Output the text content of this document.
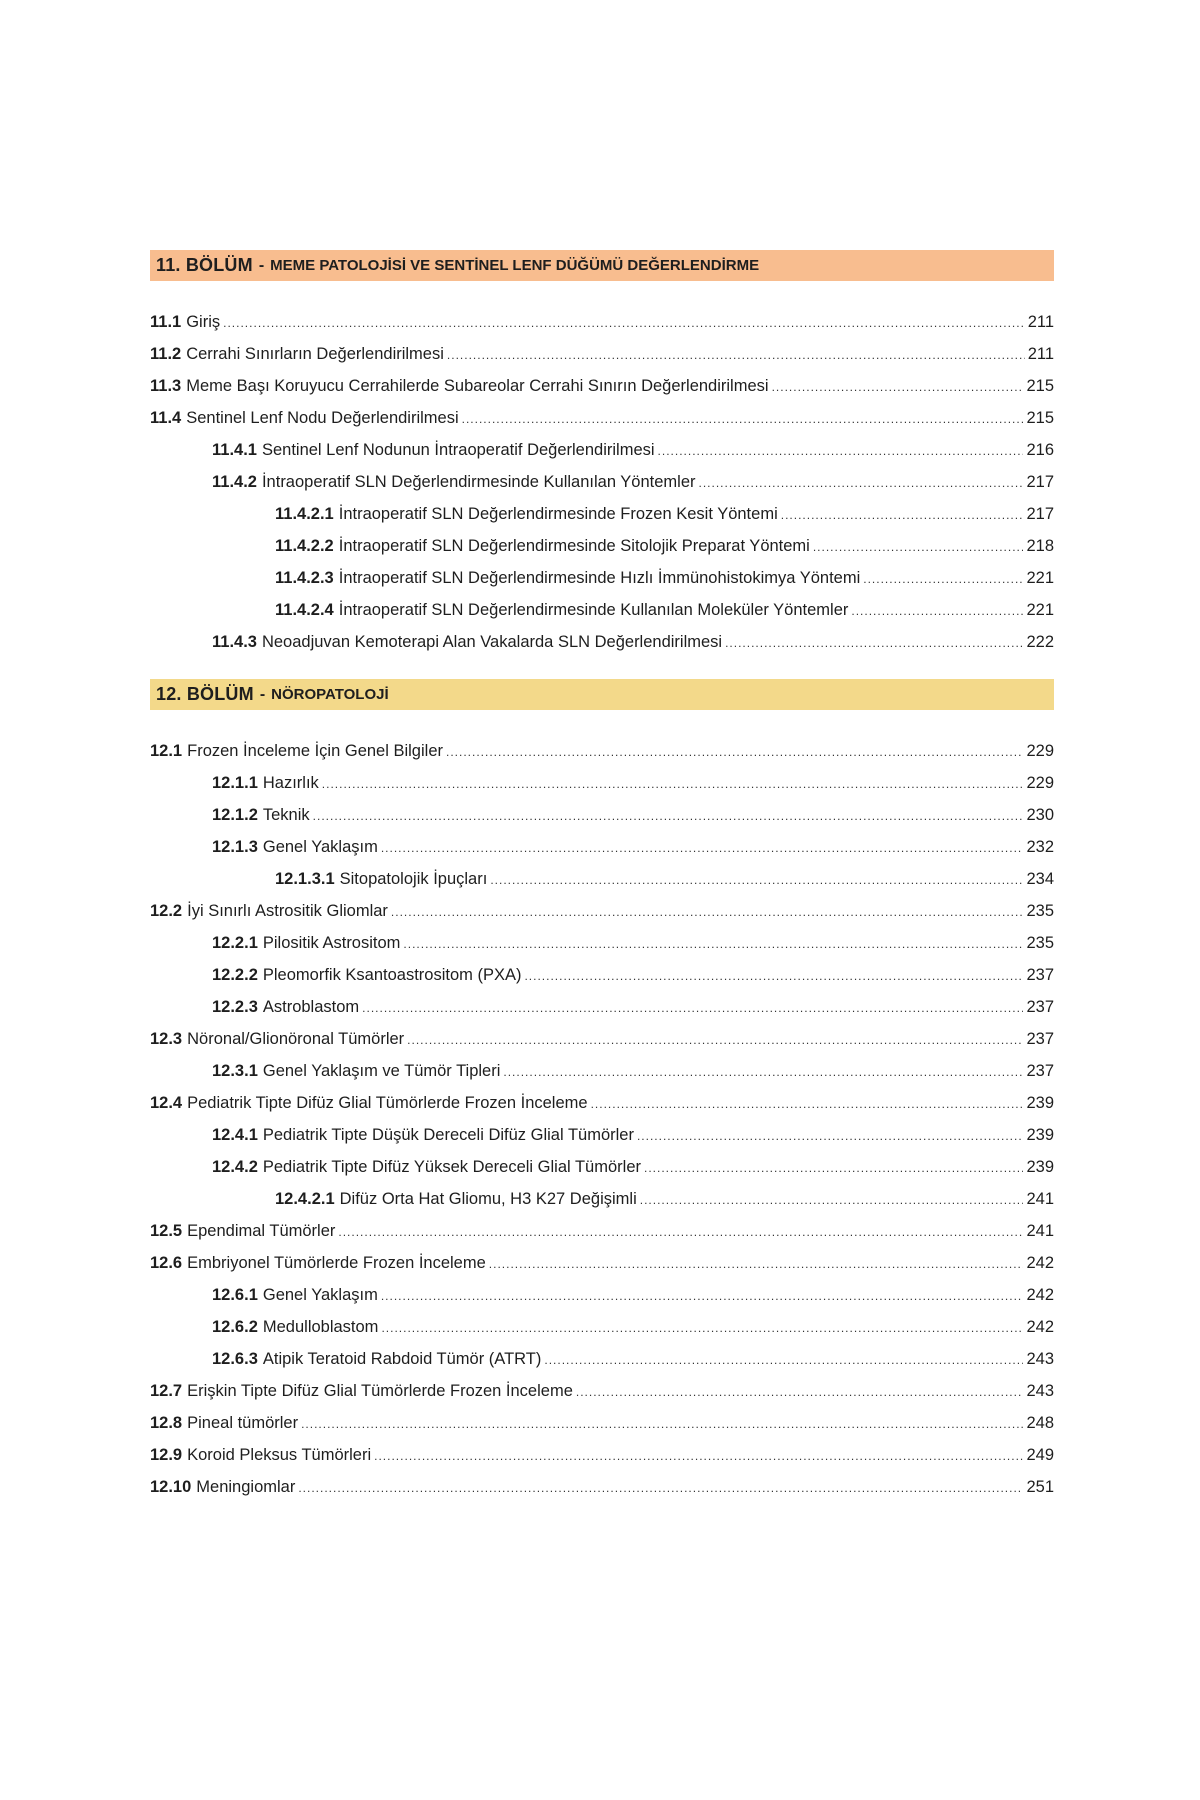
11. BÖLÜM - MEME PATOLOJİSİ VE SENTİNEL LENF DÜĞÜMÜ DEĞERLENDİRME
11.1 Giriş .....	211
11.2 Cerrahi Sınırların Değerlendirilmesi .....	211
11.3 Meme Başı Koruyucu Cerrahilerde Subareolar Cerrahi Sınırın Değerlendirilmesi .....	215
11.4 Sentinel Lenf Nodu Değerlendirilmesi .....	215
11.4.1 Sentinel Lenf Nodunun İntraoperatif Değerlendirilmesi .....	216
11.4.2 İntraoperatif SLN Değerlendirmesinde Kullanılan Yöntemler .....	217
11.4.2.1 İntraoperatif SLN Değerlendirmesinde Frozen Kesit Yöntemi .....	217
11.4.2.2 İntraoperatif SLN Değerlendirmesinde Sitolojik Preparat Yöntemi .....	218
11.4.2.3 İntraoperatif SLN Değerlendirmesinde Hızlı İmmünohistokimya Yöntemi .....	221
11.4.2.4 İntraoperatif SLN Değerlendirmesinde Kullanılan Moleküler Yöntemler .....	221
11.4.3 Neoadjuvan Kemoterapi Alan Vakalarda SLN Değerlendirilmesi .....	222
12. BÖLÜM - NÖROPATOLOJİ
12.1 Frozen İnceleme İçin Genel Bilgiler .....	229
12.1.1 Hazırlık .....	229
12.1.2 Teknik .....	230
12.1.3 Genel Yaklaşım .....	232
12.1.3.1 Sitopatolojik İpuçları .....	234
12.2 İyi Sınırlı Astrositik Gliomlar .....	235
12.2.1 Pilositik Astrositom .....	235
12.2.2 Pleomorfik Ksantoastrositom (PXA) .....	237
12.2.3 Astroblastom .....	237
12.3 Nöronal/Glionöronal Tümörler .....	237
12.3.1 Genel Yaklaşım ve Tümör Tipleri .....	237
12.4 Pediatrik Tipte Difüz Glial Tümörlerde Frozen İnceleme .....	239
12.4.1 Pediatrik Tipte Düşük Dereceli Difüz Glial Tümörler .....	239
12.4.2 Pediatrik Tipte Difüz Yüksek Dereceli Glial Tümörler .....	239
12.4.2.1 Difüz Orta Hat Gliomu, H3 K27 Değişimli .....	241
12.5 Ependimal Tümörler .....	241
12.6 Embriyonel Tümörlerde Frozen İnceleme .....	242
12.6.1 Genel Yaklaşım .....	242
12.6.2 Medulloblastom .....	242
12.6.3 Atipik Teratoid Rabdoid Tümör (ATRT) .....	243
12.7 Erişkin Tipte Difüz Glial Tümörlerde Frozen İnceleme .....	243
12.8 Pineal tümörler .....	248
12.9 Koroid Pleksus Tümörleri .....	249
12.10 Meningiomlar .....	251
